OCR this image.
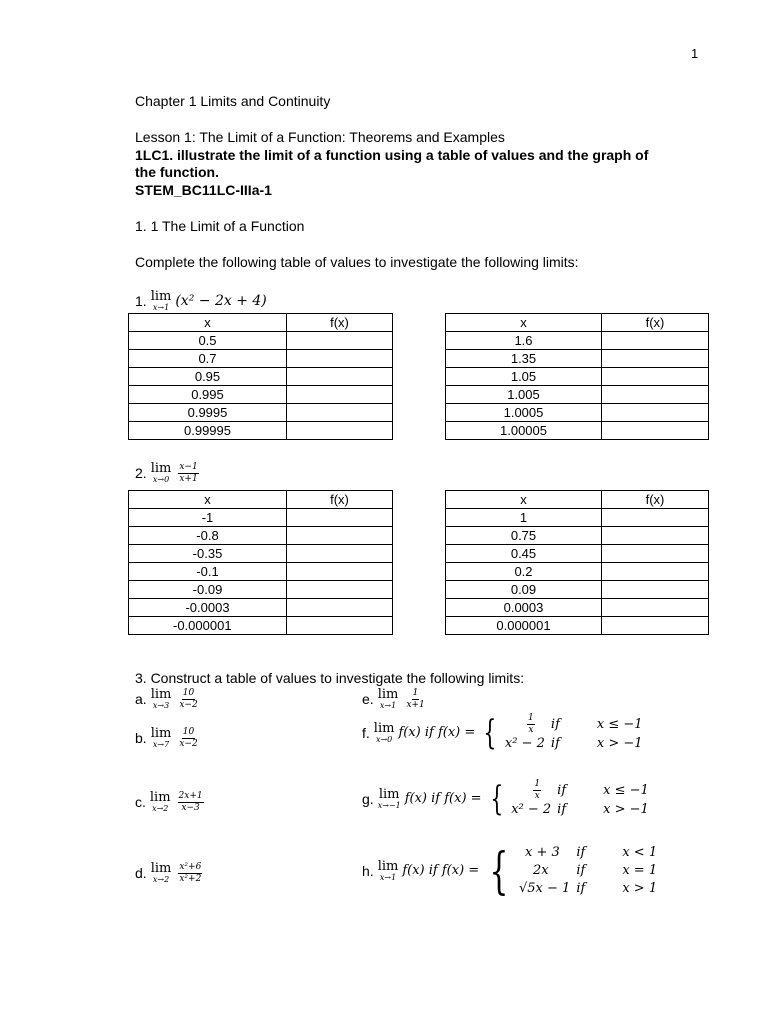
1
Chapter 1 Limits and Continuity
Lesson 1: The Limit of a Function: Theorems and Examples
1LC1. illustrate the limit of a function using a table of values and the graph of
the function.
STEM_BC11LC-IIIa-1
1. 1 The Limit of a Function
Complete the following table of values to investigate the following limits:
1. lim
x→1 (x² − 2x + 4)
x	f(x)
0.5	
0.7	
0.95	
0.995	
0.9995	
0.99995	
x	f(x)
1.6	
1.35	
1.05	
1.005	
1.0005	
1.00005	
2. lim
$x\to 0 \frac{x-1}{x+1}$
x	f(x)
-1	
-0.8	
-0.35	
-0.1	
-0.09	
-0.0003	
-0.000001	
x	f(x)
1	
0.75	
0.45	
0.2	
0.09	
0.0003	
0.000001	
3. Construct a table of values to investigate the following limits:
a. lim
$x\to 3 \frac{10}{x-2}$
b. lim
$x\to 7 \frac{10}{x-2}$
c. lim
$x\to 2 \frac{2x+1}{x-3}$
d. lim
$x\to 2 \frac{\text{x²+6}}{\text{x²+2}}$
e. lim
$x\to 1 \frac{1}{x+1}$
f. lim
x→0 f(x) if f(x) = { $\frac{1}{x}$ if	x ≤ −1
x² − 2 if	x > −1
g. lim
x→−1 f(x) if f(x) = { $\frac{1}{x}$ if	x ≤ −1
x² − 2 if	x > −1
h. lim
x→1 f(x) if f(x) = {	x + 3	if	x < 1
2x	if	x = 1
√5x − 1 if	x > 1
